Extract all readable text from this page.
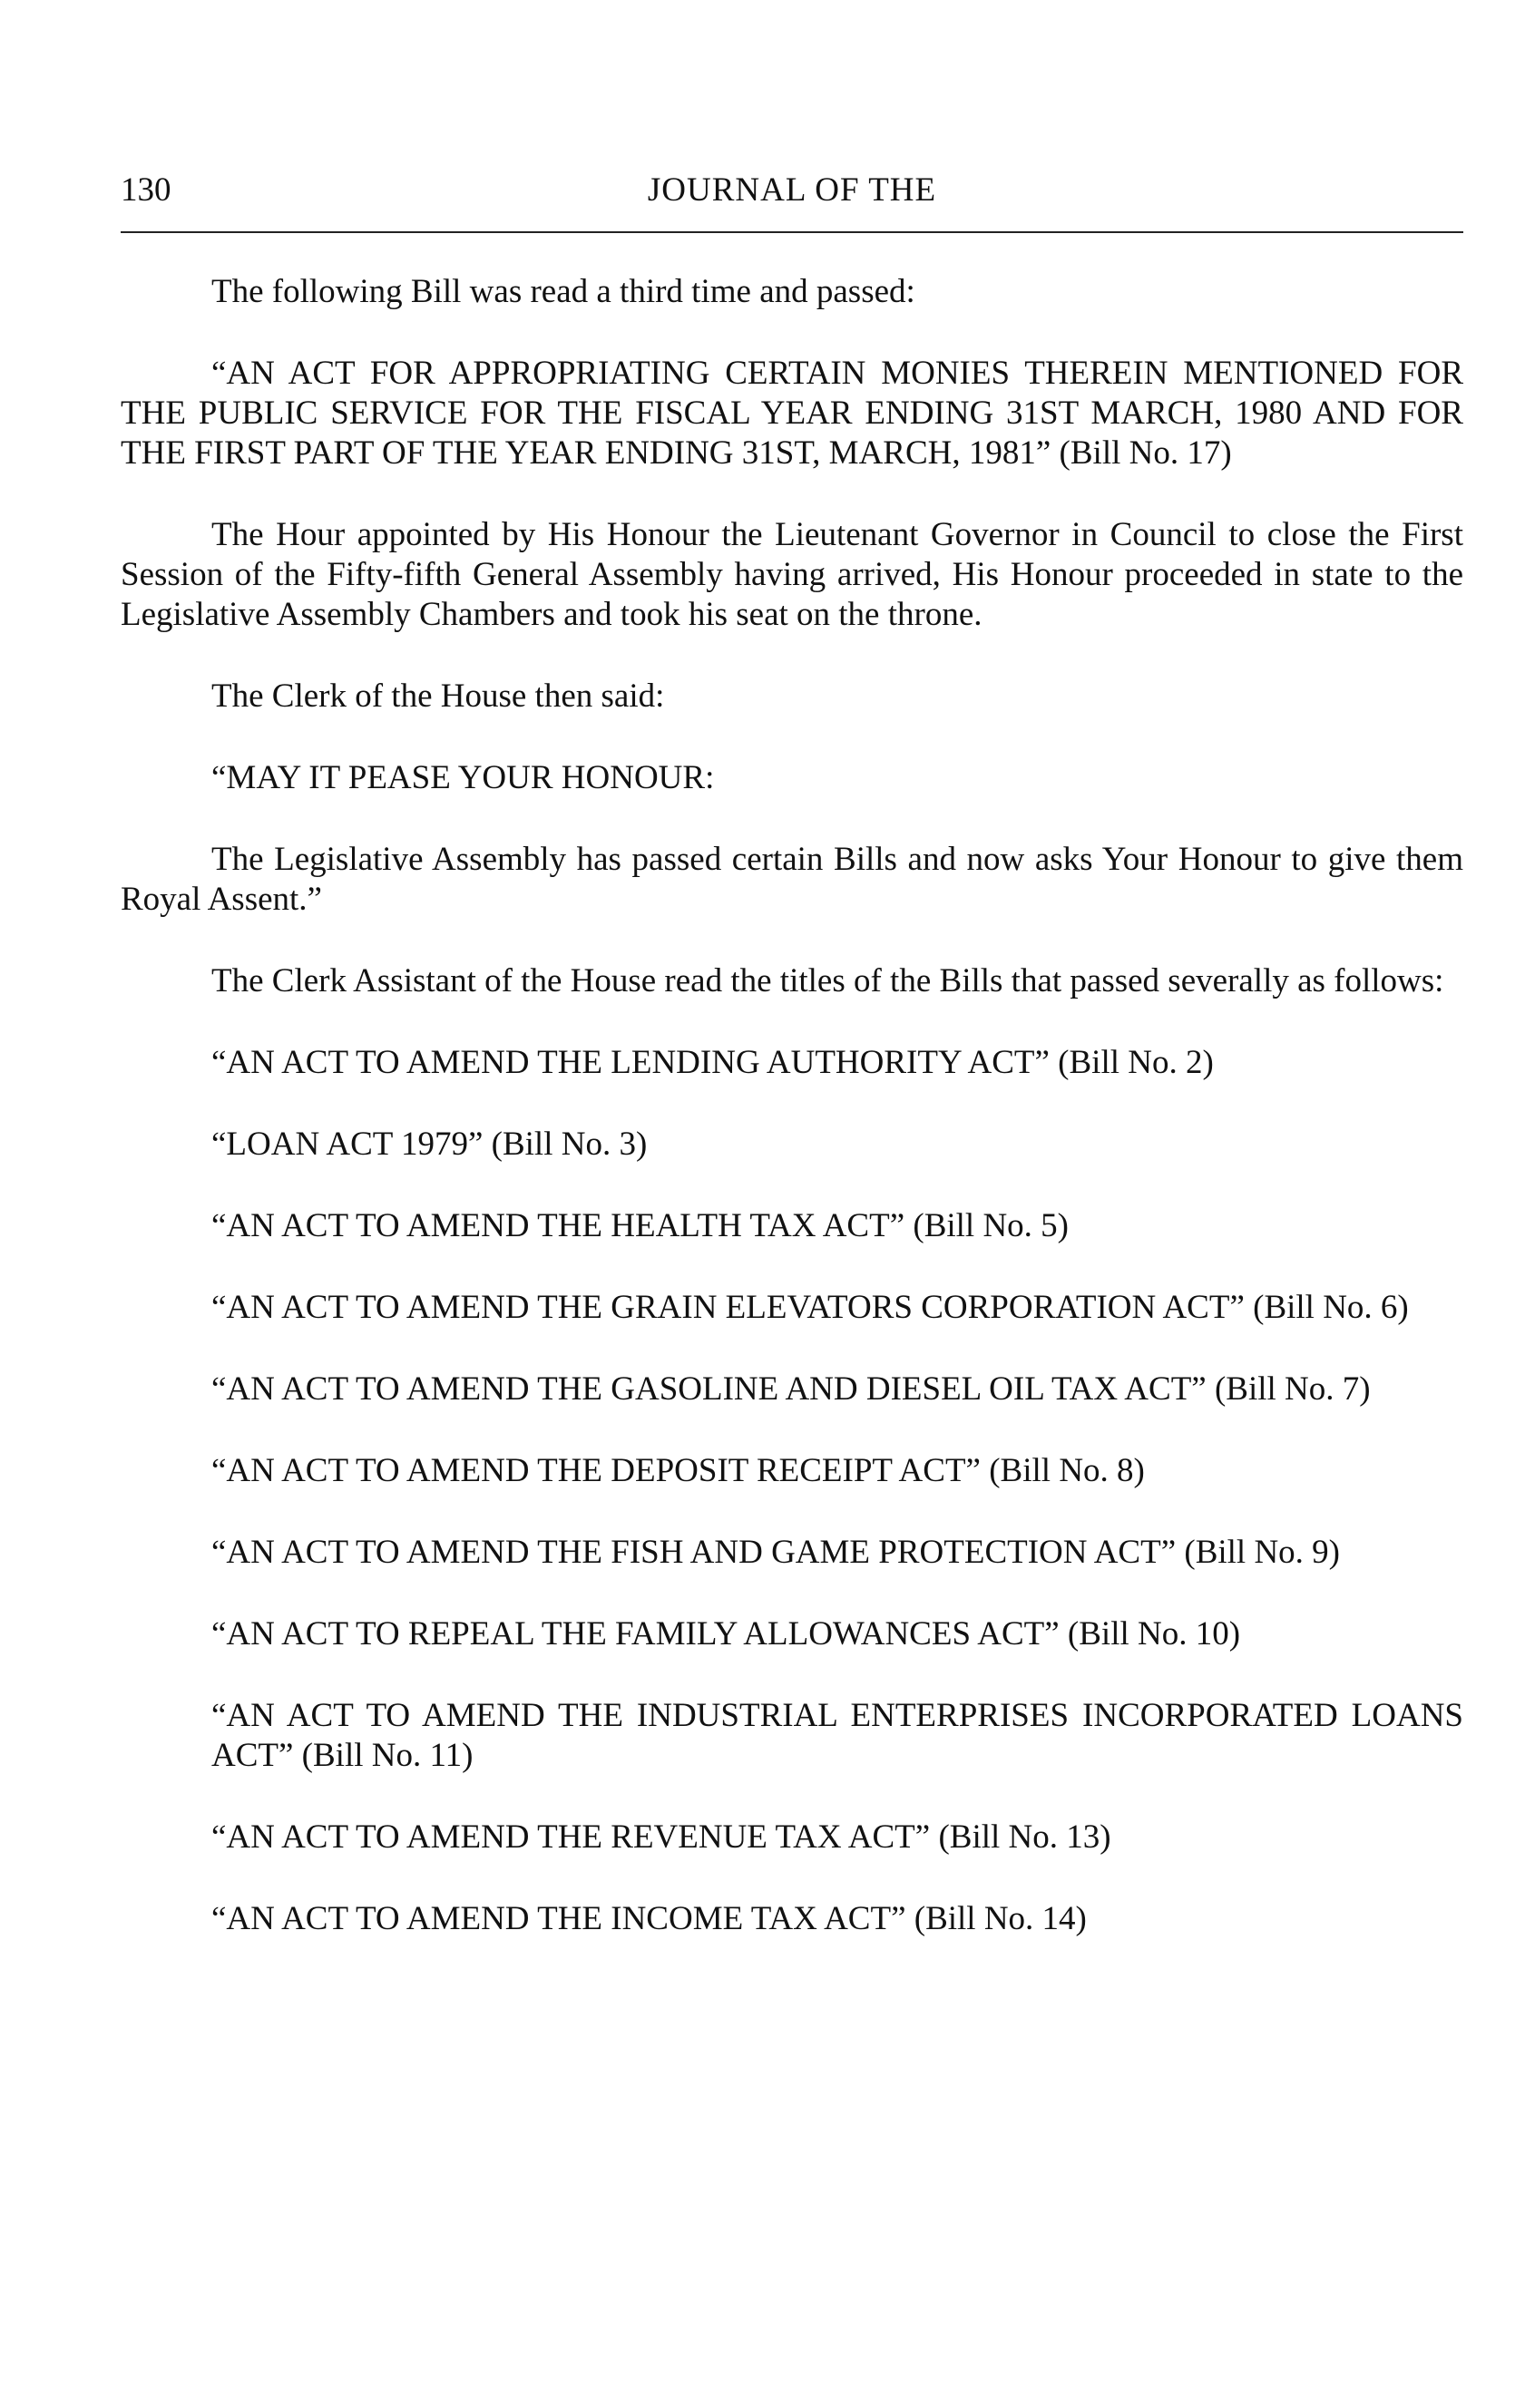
130	JOURNAL OF THE

The following Bill was read a third time and passed:

“AN ACT FOR APPROPRIATING CERTAIN MONIES THEREIN MENTIONED FOR THE PUBLIC SERVICE FOR THE FISCAL YEAR ENDING 31ST MARCH, 1980 AND FOR THE FIRST PART OF THE YEAR ENDING 31ST, MARCH, 1981” (Bill No. 17)

The Hour appointed by His Honour the Lieutenant Governor in Council to close the First Session of the Fifty-fifth General Assembly having arrived, His Honour proceeded in state to the Legislative Assembly Chambers and took his seat on the throne.

The Clerk of the House then said:

“MAY IT PEASE YOUR HONOUR:

The Legislative Assembly has passed certain Bills and now asks Your Honour to give them Royal Assent.”

The Clerk Assistant of the House read the titles of the Bills that passed severally as follows:

“AN ACT TO AMEND THE LENDING AUTHORITY ACT” (Bill No. 2)
“LOAN ACT 1979” (Bill No. 3)
“AN ACT TO AMEND THE HEALTH TAX ACT” (Bill No. 5)
“AN ACT TO AMEND THE GRAIN ELEVATORS CORPORATION ACT” (Bill No. 6)
“AN ACT TO AMEND THE GASOLINE AND DIESEL OIL TAX ACT” (Bill No. 7)
“AN ACT TO AMEND THE DEPOSIT RECEIPT ACT” (Bill No. 8)
“AN ACT TO AMEND THE FISH AND GAME PROTECTION ACT” (Bill No. 9)
“AN ACT TO REPEAL THE FAMILY ALLOWANCES ACT” (Bill No. 10)
“AN ACT TO AMEND THE INDUSTRIAL ENTERPRISES INCORPORATED LOANS ACT” (Bill No. 11)
“AN ACT TO AMEND THE REVENUE TAX ACT” (Bill No. 13)
“AN ACT TO AMEND THE INCOME TAX ACT” (Bill No. 14)
